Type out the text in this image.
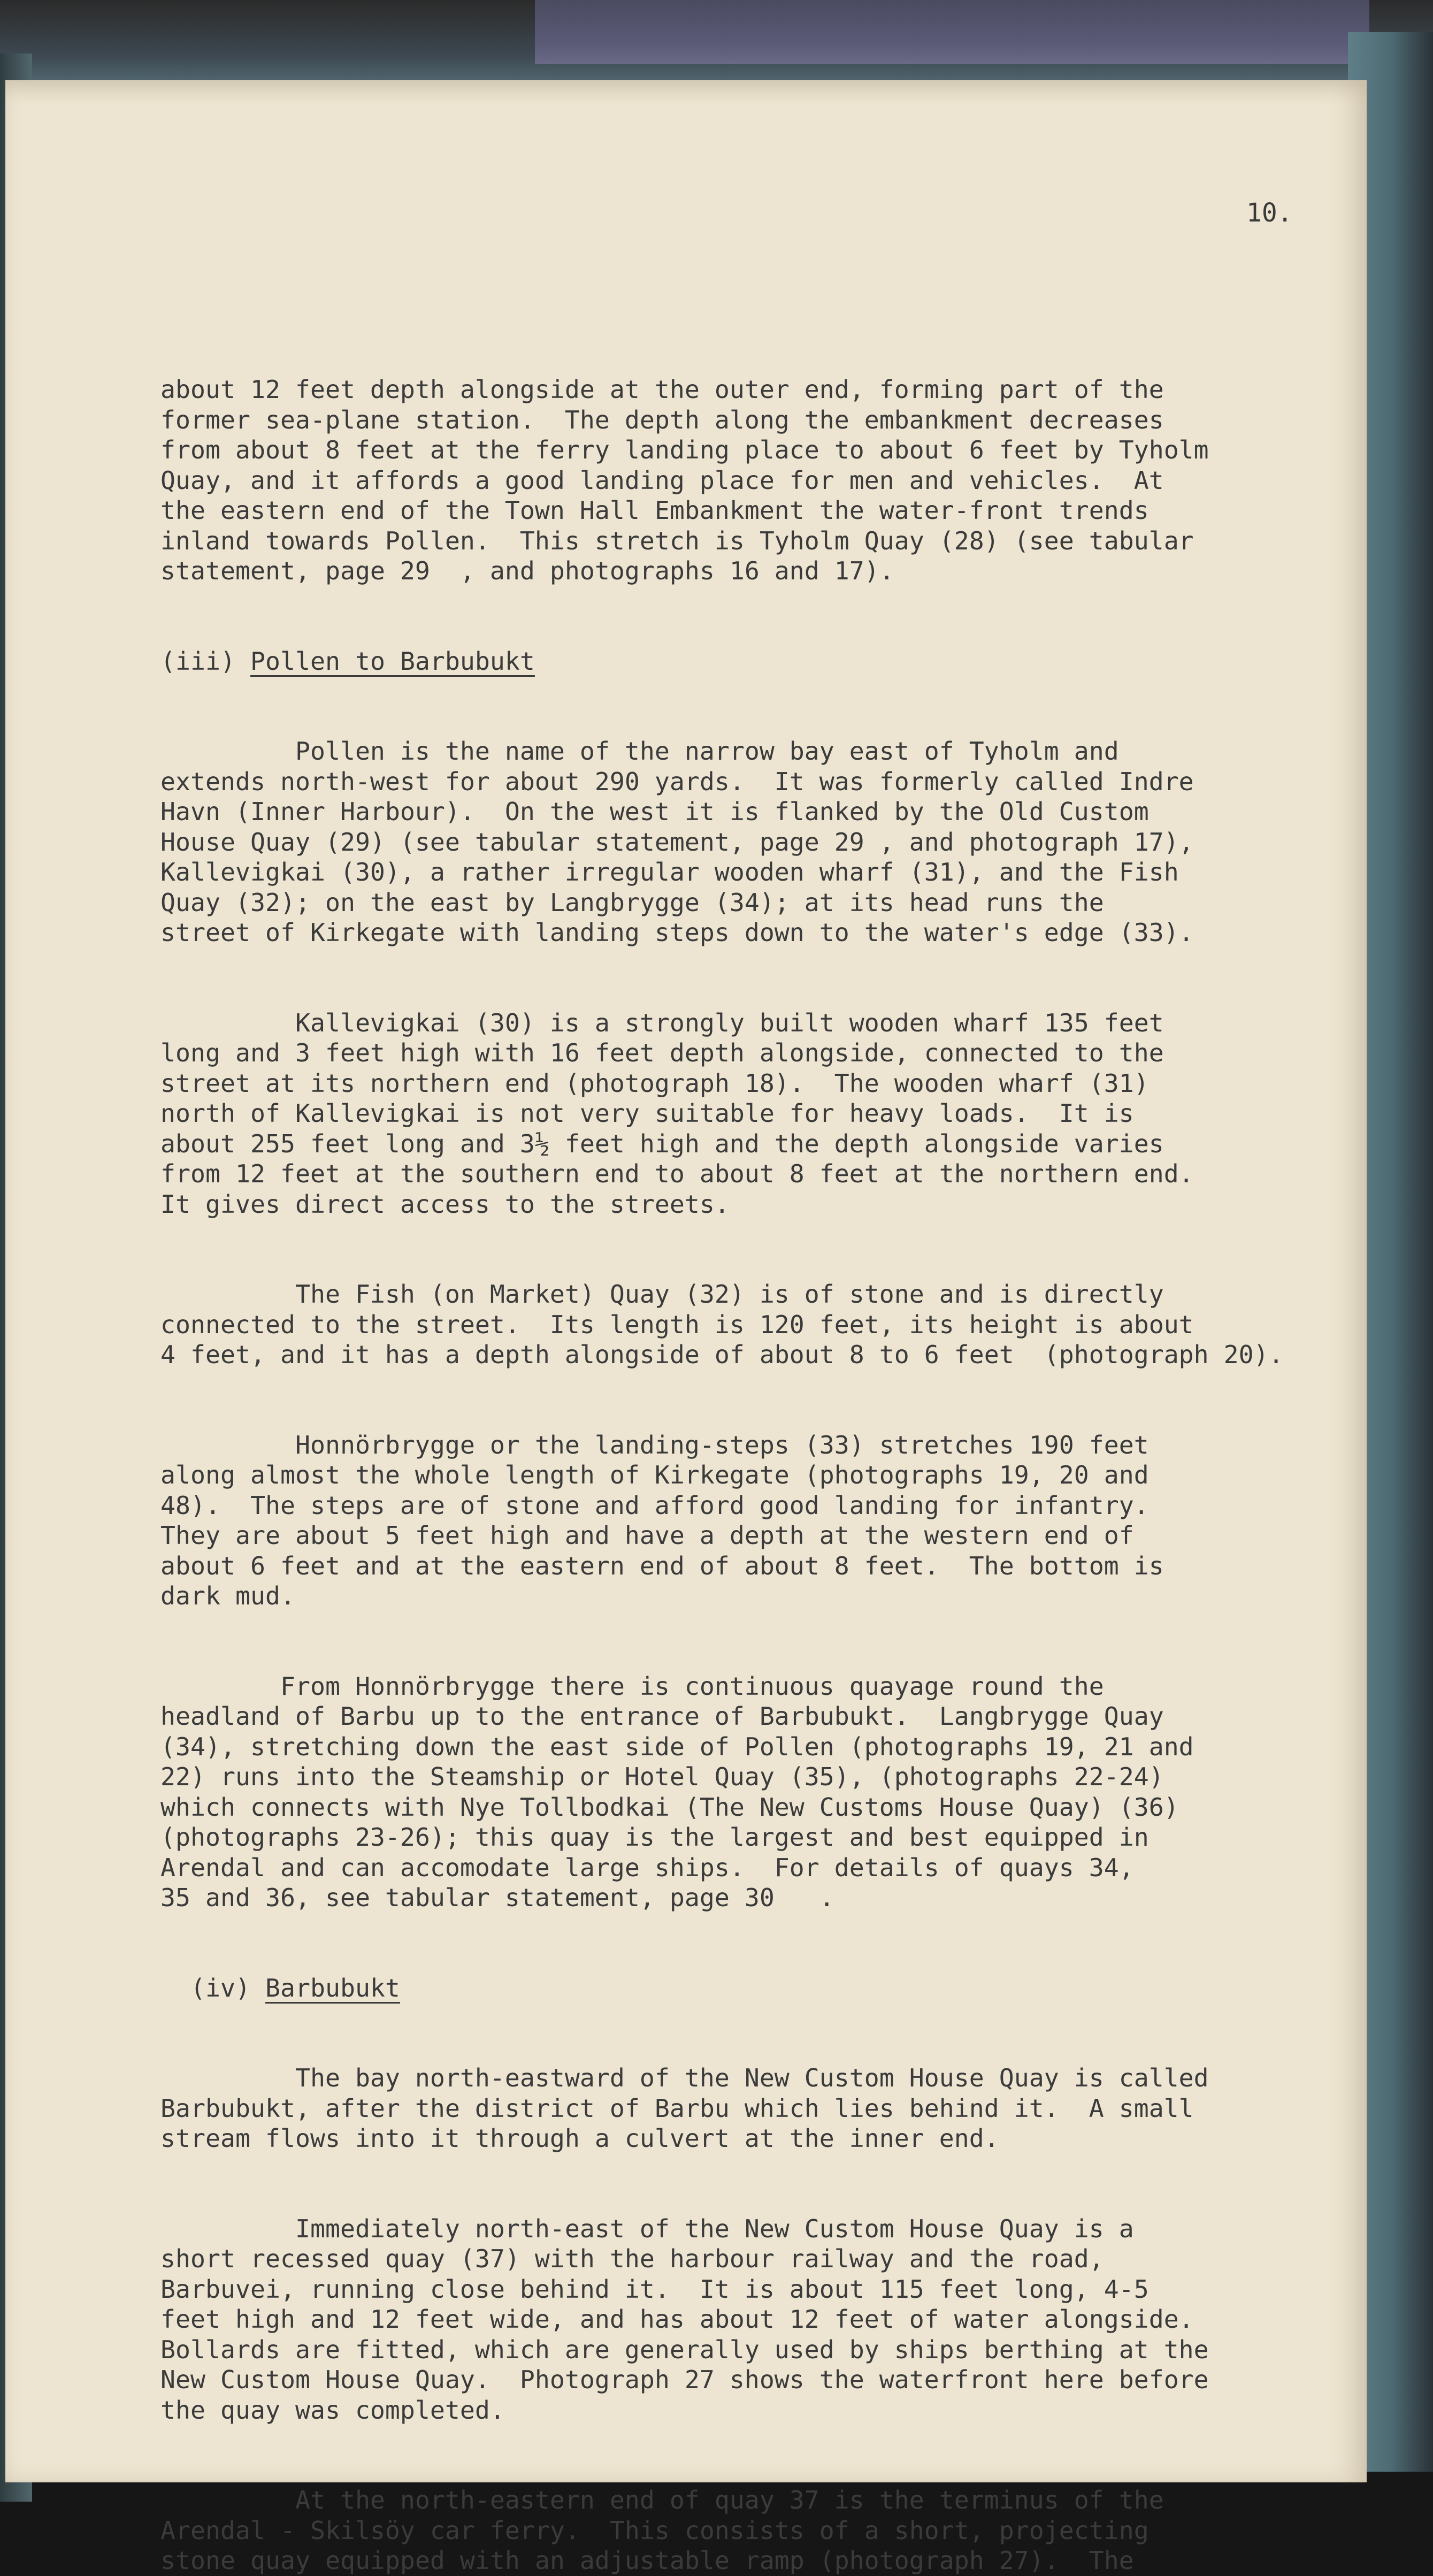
10.

about 12 feet depth alongside at the outer end, forming part of the

former sea-plane station.  The depth along the embankment decreases

from about 8 feet at the ferry landing place to about 6 feet by Tyholm

Quay, and it affords a good landing place for men and vehicles.  At

the eastern end of the Town Hall Embankment the water-front trends

inland towards Pollen.  This stretch is Tyholm Quay (28) (see tabular

statement, page 29  , and photographs 16 and 17).

(iii) Pollen to Barbubukt

Pollen is the name of the narrow bay east of Tyholm and

extends north-west for about 290 yards.  It was formerly called Indre

Havn (Inner Harbour).  On the west it is flanked by the Old Custom

House Quay (29) (see tabular statement, page 29 , and photograph 17),

Kallevigkai (30), a rather irregular wooden wharf (31), and the Fish

Quay (32); on the east by Langbrygge (34); at its head runs the

street of Kirkegate with landing steps down to the water's edge (33).

Kallevigkai (30) is a strongly built wooden wharf 135 feet

long and 3 feet high with 16 feet depth alongside, connected to the

street at its northern end (photograph 18).  The wooden wharf (31)

north of Kallevigkai is not very suitable for heavy loads.  It is

about 255 feet long and 3½ feet high and the depth alongside varies

from 12 feet at the southern end to about 8 feet at the northern end.

It gives direct access to the streets.

The Fish (on Market) Quay (32) is of stone and is directly

connected to the street.  Its length is 120 feet, its height is about

4 feet, and it has a depth alongside of about 8 to 6 feet  (photograph 20).

Honnörbrygge or the landing-steps (33) stretches 190 feet

along almost the whole length of Kirkegate (photographs 19, 20 and

48).  The steps are of stone and afford good landing for infantry.

They are about 5 feet high and have a depth at the western end of

about 6 feet and at the eastern end of about 8 feet.  The bottom is

dark mud.

From Honnörbrygge there is continuous quayage round the

headland of Barbu up to the entrance of Barbubukt.  Langbrygge Quay

(34), stretching down the east side of Pollen (photographs 19, 21 and

22) runs into the Steamship or Hotel Quay (35), (photographs 22-24)

which connects with Nye Tollbodkai (The New Customs House Quay) (36)

(photographs 23-26); this quay is the largest and best equipped in

Arendal and can accomodate large ships.  For details of quays 34,

35 and 36, see tabular statement, page 30   .

(iv) Barbubukt

The bay north-eastward of the New Custom House Quay is called

Barbubukt, after the district of Barbu which lies behind it.  A small

stream flows into it through a culvert at the inner end.

Immediately north-east of the New Custom House Quay is a

short recessed quay (37) with the harbour railway and the road,

Barbuvei, running close behind it.  It is about 115 feet long, 4-5

feet high and 12 feet wide, and has about 12 feet of water alongside.

Bollards are fitted, which are generally used by ships berthing at the

New Custom House Quay.  Photograph 27 shows the waterfront here before

the quay was completed.

At the north-eastern end of quay 37 is the terminus of the

Arendal - Skilsöy car ferry.  This consists of a short, projecting

stone quay equipped with an adjustable ramp (photograph 27).  The
